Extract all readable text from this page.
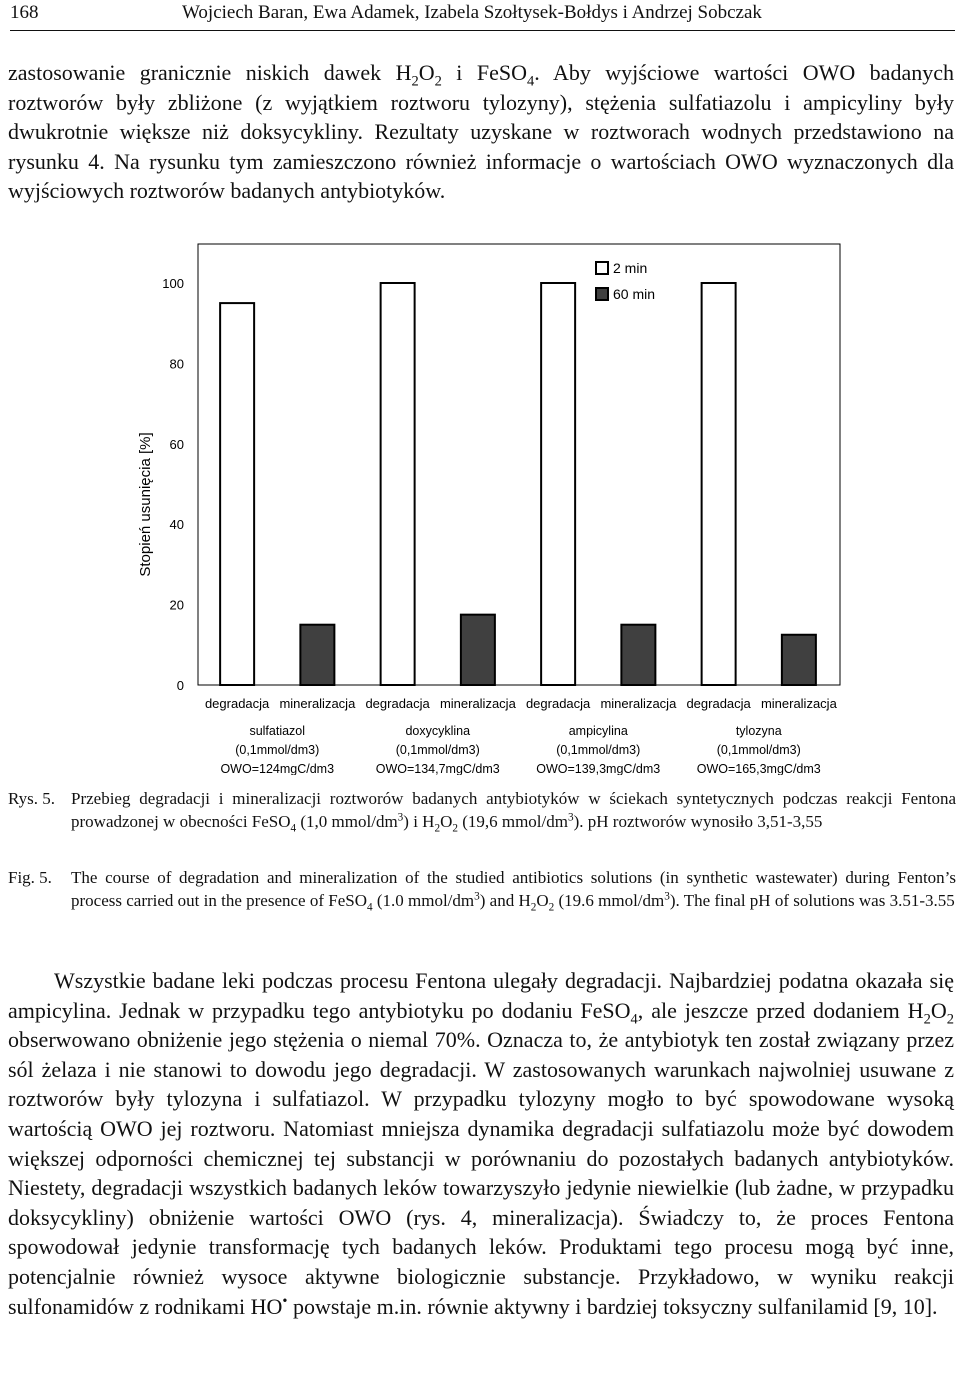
168	Wojciech Baran, Ewa Adamek, Izabela Szołtysek-Bołdys i Andrzej Sobczak

zastosowanie granicznie niskich dawek $H_2O_2$ i FeSO$_4$. Aby wyjściowe wartości OWO badanych roztworów były zbliżone (z wyjątkiem roztworu tylozyny), stężenia sulfatiazolu i ampicyliny były dwukrotnie większe niż doksycykliny. Rezultaty uzyskane w roztworach wodnych przedstawiono na rysunku 4. Na rysunku tym zamieszczono również informacje o wartościach OWO wyznaczonych dla wyjściowych roztworów badanych antybiotyków.

0
20
40
60
80
100
Stopień usunięcia [%]
degradacja mineralizacja
sulfatiazol
(0,1mmol/dm3)
OWO=124mgC/dm3
degradacja mineralizacja
doxycyklina
(0,1mmol/dm3)
OWO=134,7mgC/dm3
degradacja mineralizacja
ampicylina
(0,1mmol/dm3)
OWO=139,3mgC/dm3
degradacja mineralizacja
tylozyna
(0,1mmol/dm3)
OWO=165,3mgC/dm3
2 min
60 min
Rys. 5. Przebieg degradacji i mineralizacji roztworów badanych antybiotyków w ściekach syntetycznych podczas reakcji Fentona prowadzonej w obecności FeSO$_4$ (1,0 mmol/$dm^3$) i $H_2O_2$ (19,6 mmol/$dm^3$). pH roztworów wynosiło 3,51-3,55
Fig. 5. The course of degradation and mineralization of the studied antibiotics solutions (in synthetic wastewater) during Fenton’s process carried out in the presence of FeSO$_4$ (1.0 mmol/$dm^3$) and $H_2O_2$ (19.6 mmol/$dm^3$). The final pH of solutions was 3.51-3.55

Wszystkie badane leki podczas procesu Fentona ulegały degradacji. Najbardziej podatna okazała się ampicylina. Jednak w przypadku tego antybiotyku po dodaniu FeSO$_4$, ale jeszcze przed dodaniem $H_2O_2$ obserwowano obniżenie jego stężenia o niemal 70%. Oznacza to, że antybiotyk ten został związany przez sól żelaza i nie stanowi to dowodu jego degradacji. W zastosowanych warunkach najwolniej usuwane z roztworów były tylozyna i sulfatiazol. W przypadku tylozyny mogło to być spowodowane wysoką wartością OWO jej roztworu. Natomiast mniejsza dynamika degradacji sulfatiazolu może być dowodem większej odporności chemicznej tej substancji w porównaniu do pozostałych badanych antybiotyków. Niestety, degradacji wszystkich badanych leków towarzyszyło jedynie niewielkie (lub żadne, w przypadku doksycykliny) obniżenie wartości OWO (rys. 4, mineralizacja). Świadczy to, że proces Fentona spowodował jedynie transformację tych badanych leków. Produktami tego procesu mogą być inne, potencjalnie również wysoce aktywne biologicznie substancje. Przykładowo, w wyniku reakcji sulfonamidów z rodnikami HO• powstaje m.in. równie aktywny i bardziej toksyczny sulfanilamid [9, 10].
